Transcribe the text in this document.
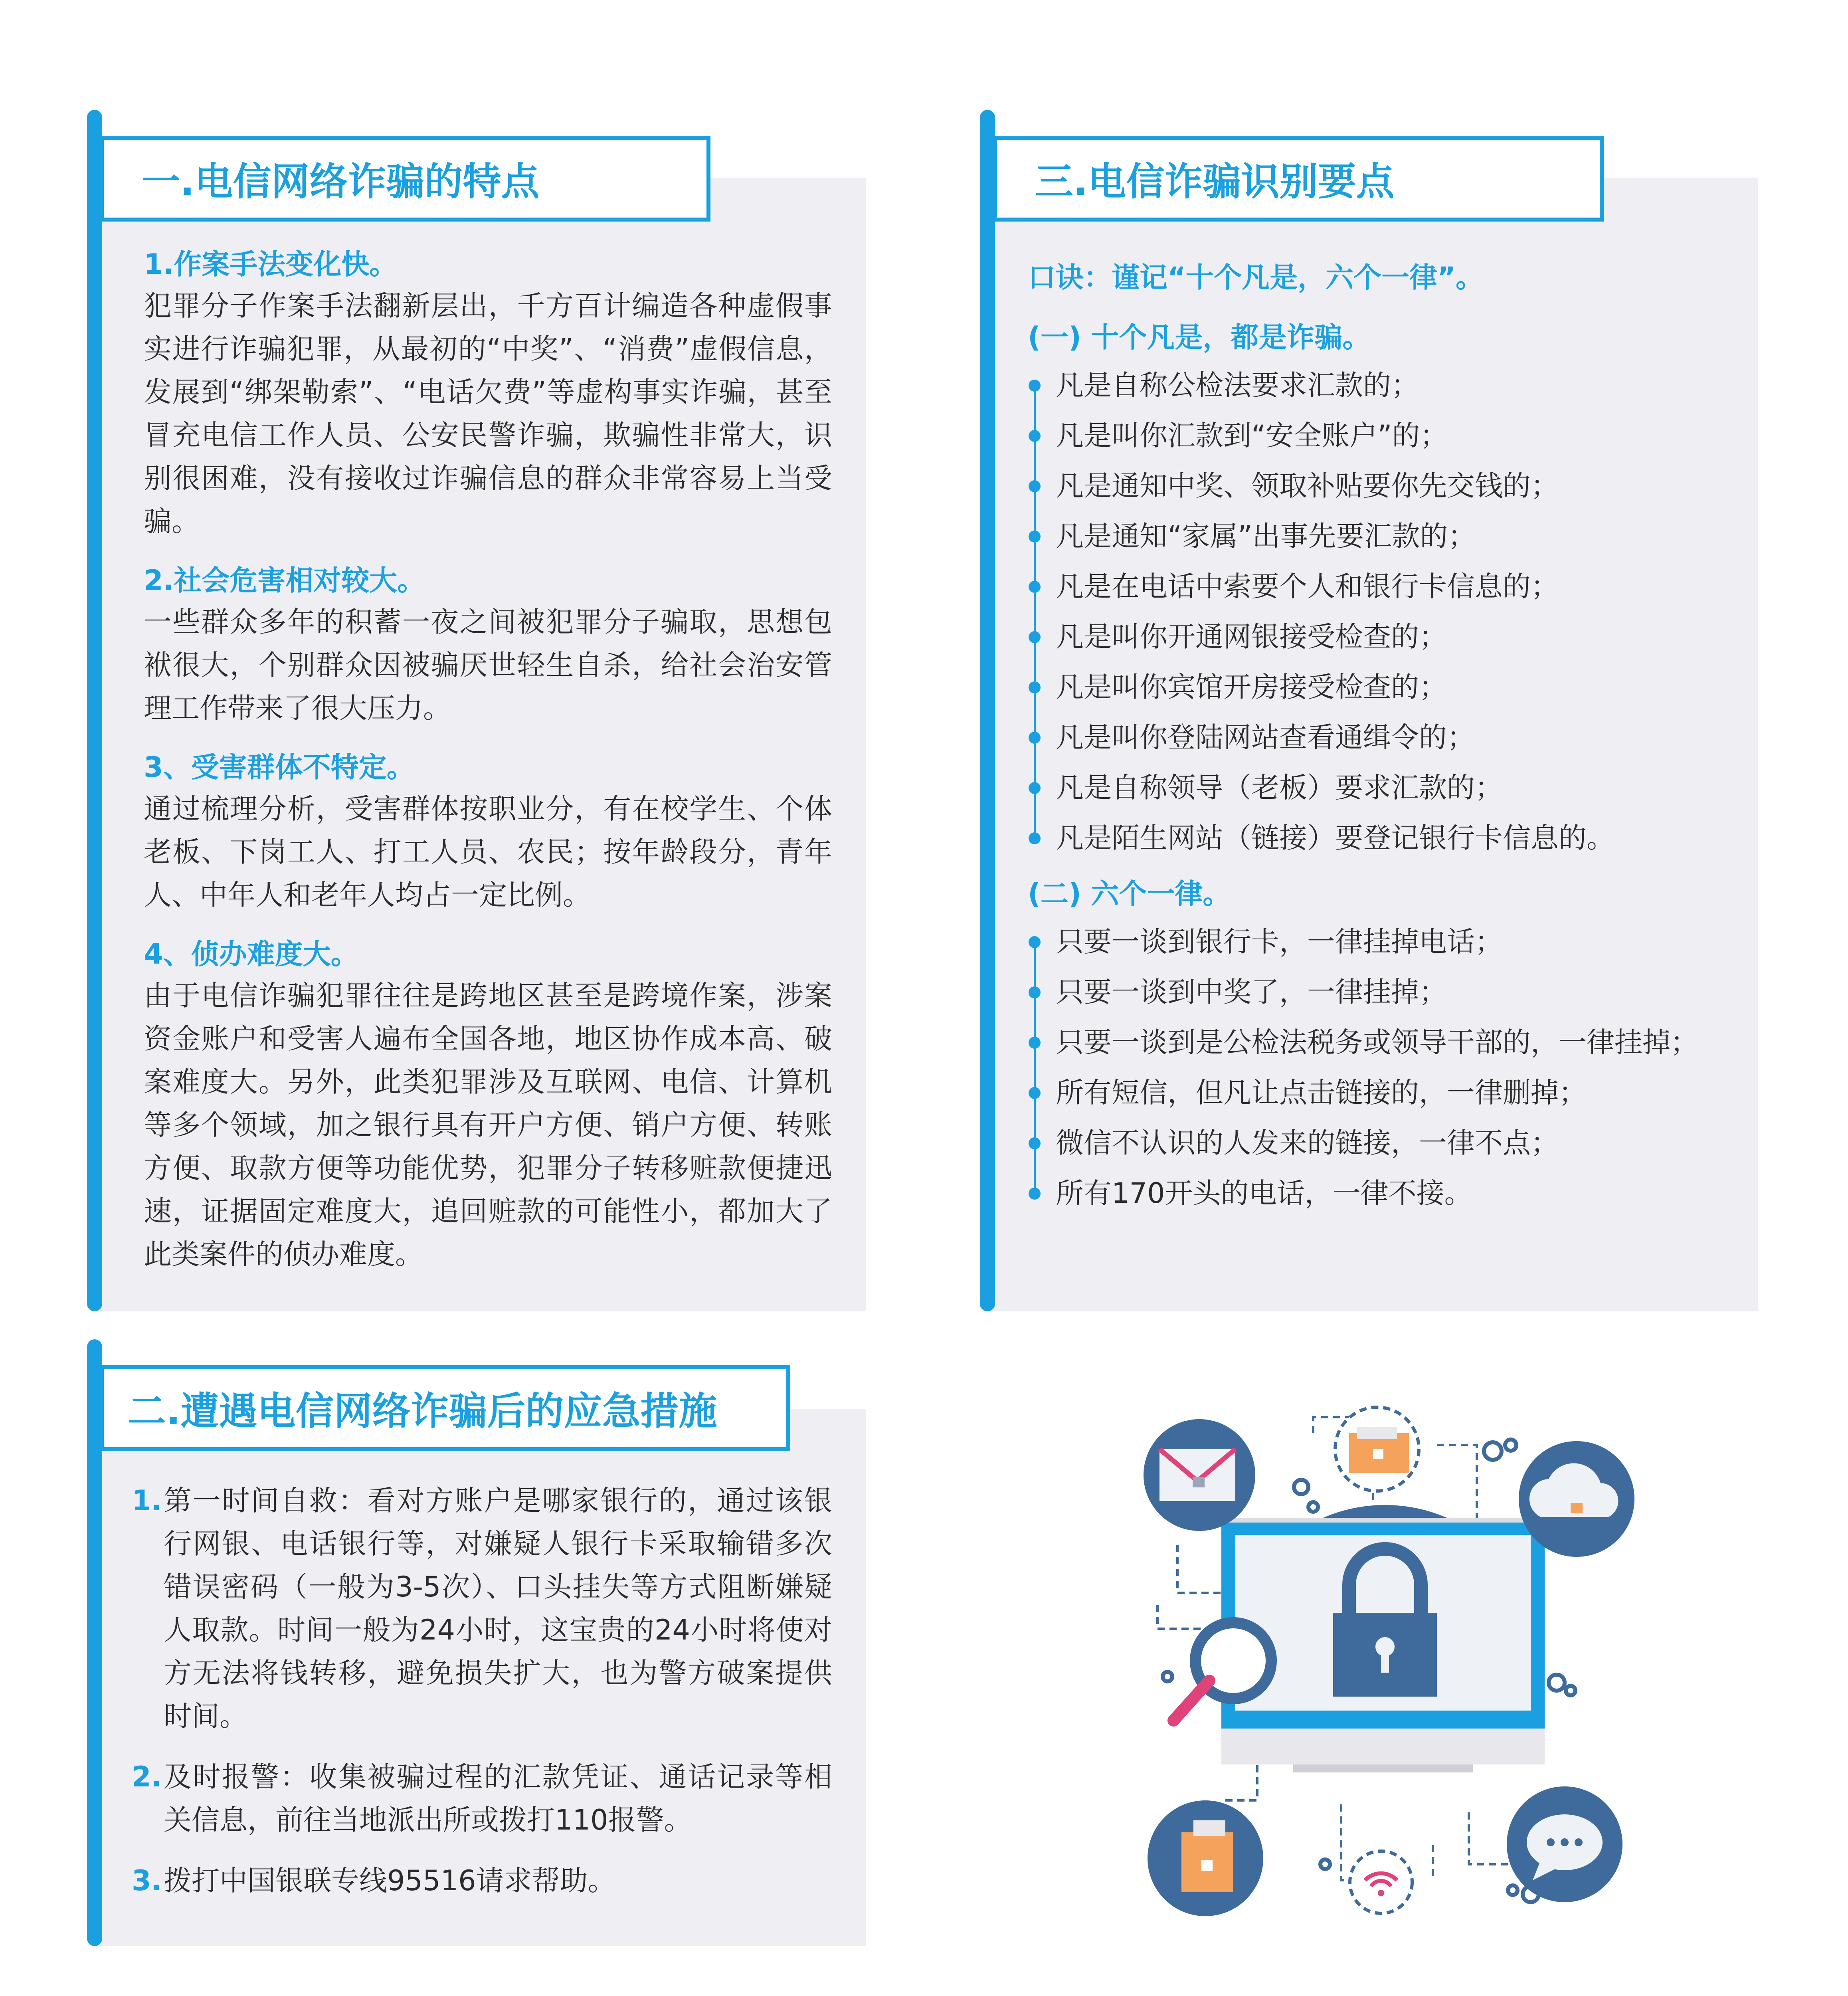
一.电信网络诈骗的特点

1.作案手法变化快。

犯罪分子作案手法翻新层出，千方百计编造各种虚假事实进行诈骗犯罪，从最初的“中奖”、“消费”虚假信息，发展到“绑架勒索”、“电话欠费”等虚构事实诈骗，甚至冒充电信工作人员、公安民警诈骗，欺骗性非常大，识别很困难，没有接收过诈骗信息的群众非常容易上当受骗。

2.社会危害相对较大。

一些群众多年的积蓄一夜之间被犯罪分子骗取，思想包袱很大，个别群众因被骗厌世轻生自杀，给社会治安管理工作带来了很大压力。

3、受害群体不特定。

通过梳理分析，受害群体按职业分，有在校学生、个体老板、下岗工人、打工人员、农民；按年龄段分，青年人、中年人和老年人均占一定比例。

4、侦办难度大。

由于电信诈骗犯罪往往是跨地区甚至是跨境作案，涉案资金账户和受害人遍布全国各地，地区协作成本高、破案难度大。另外，此类犯罪涉及互联网、电信、计算机等多个领域，加之银行具有开户方便、销户方便、转账方便、取款方便等功能优势，犯罪分子转移赃款便捷迅速，证据固定难度大，追回赃款的可能性小，都加大了此类案件的侦办难度。

二.遭遇电信网络诈骗后的应急措施
1. 第一时间自救：看对方账户是哪家银行的，通过该银行网银、电话银行等，对嫌疑人银行卡采取输错多次错误密码（一般为3-5次）、口头挂失等方式阻断嫌疑人取款。时间一般为24小时，这宝贵的24小时将使对方无法将钱转移，避免损失扩大，也为警方破案提供时间。
2. 及时报警：收集被骗过程的汇款凭证、通话记录等相关信息，前往当地派出所或拨打110报警。
3. 拨打中国银联专线95516请求帮助。
三.电信诈骗识别要点

口诀：谨记“十个凡是，六个一律”。

(一) 十个凡是，都是诈骗。

凡是自称公检法要求汇款的；
凡是叫你汇款到“安全账户”的；
凡是通知中奖、领取补贴要你先交钱的；
凡是通知“家属”出事先要汇款的；
凡是在电话中索要个人和银行卡信息的；
凡是叫你开通网银接受检查的；
凡是叫你宾馆开房接受检查的；
凡是叫你登陆网站查看通缉令的；
凡是自称领导（老板）要求汇款的；
凡是陌生网站（链接）要登记银行卡信息的。

(二) 六个一律。

只要一谈到银行卡，一律挂掉电话；
只要一谈到中奖了，一律挂掉；
只要一谈到是公检法税务或领导干部的，一律挂掉；
所有短信，但凡让点击链接的，一律删掉；
微信不认识的人发来的链接，一律不点；
所有170开头的电话，一律不接。
